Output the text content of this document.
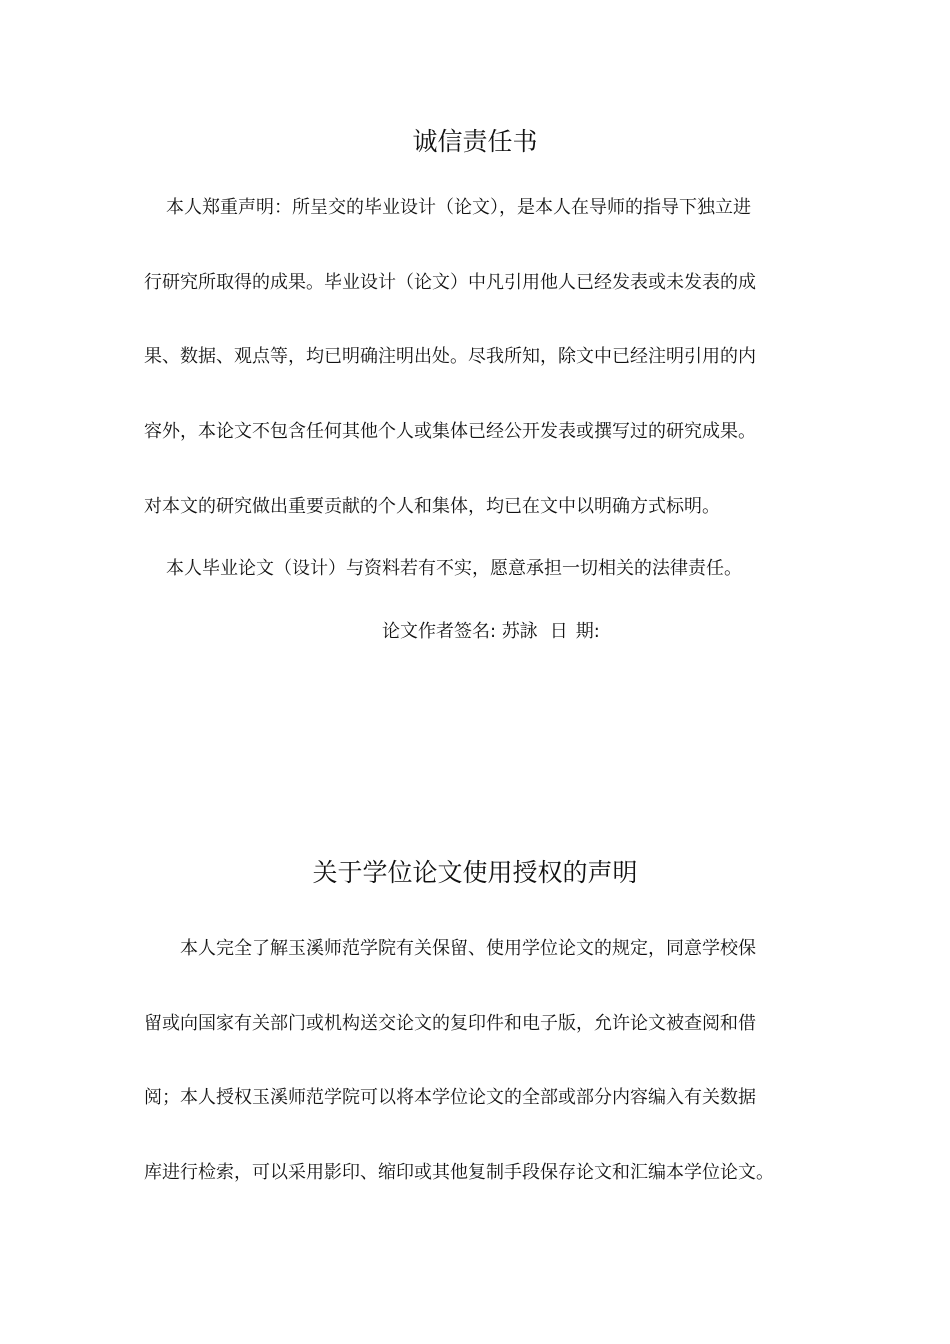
诚信责任书
本人郑重声明：所呈交的毕业设计（论文），是本人在导师的指导下独立进
行研究所取得的成果。毕业设计（论文）中凡引用他人已经发表或未发表的成
果、数据、观点等，均已明确注明出处。尽我所知，除文中已经注明引用的内
容外，本论文不包含任何其他个人或集体已经公开发表或撰写过的研究成果。
对本文的研究做出重要贡献的个人和集体，均已在文中以明确方式标明。
本人毕业论文（设计）与资料若有不实，愿意承担一切相关的法律责任。
论文作者签名: 苏詠 日 期:
关于学位论文使用授权的声明
本人完全了解玉溪师范学院有关保留、使用学位论文的规定，同意学校保
留或向国家有关部门或机构送交论文的复印件和电子版，允许论文被查阅和借
阅；本人授权玉溪师范学院可以将本学位论文的全部或部分内容编入有关数据
库进行检索，可以采用影印、缩印或其他复制手段保存论文和汇编本学位论文。
